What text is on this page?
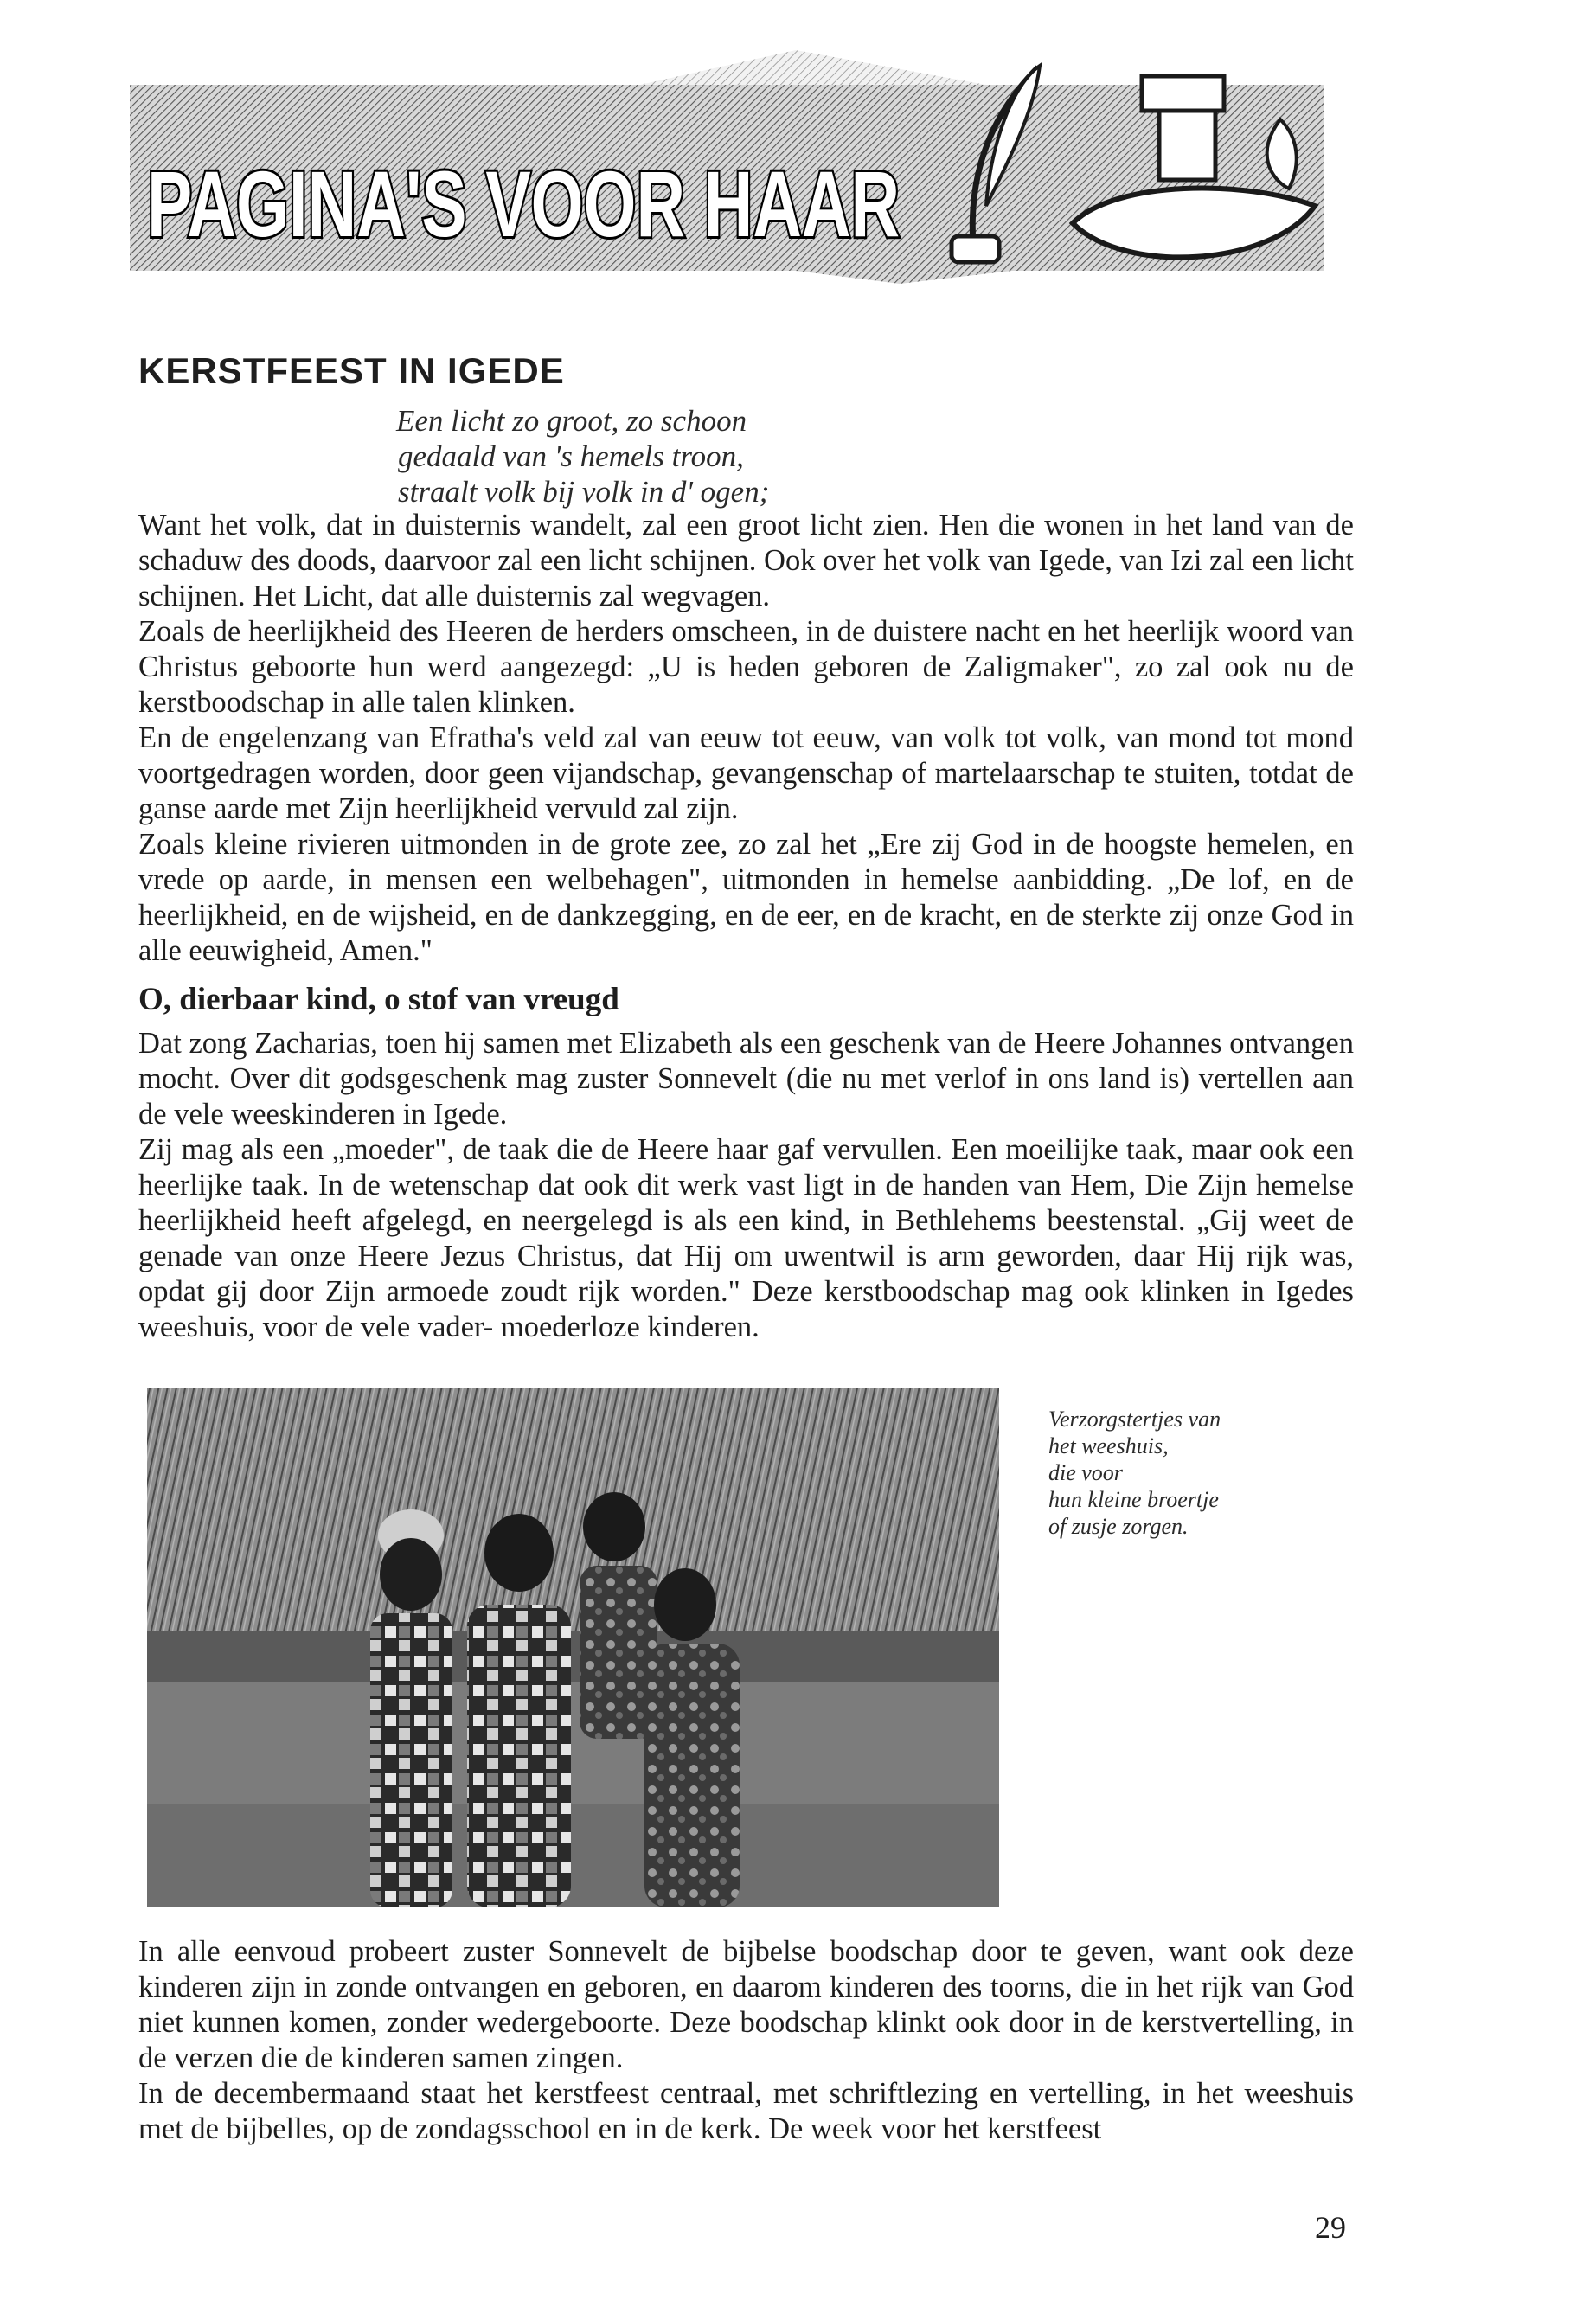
PAGINA'S VOOR HAAR
KERSTFEEST IN IGEDE
Een licht zo groot, zo schoon
gedaald van 's hemels troon,
straalt volk bij volk in d' ogen;

Want het volk, dat in duisternis wandelt, zal een groot licht zien. Hen die wonen in het land van de schaduw des doods, daarvoor zal een licht schijnen. Ook over het volk van Igede, van Izi zal een licht schijnen. Het Licht, dat alle duisternis zal wegvagen.

Zoals de heerlijkheid des Heeren de herders omscheen, in de duistere nacht en het heerlijk woord van Christus geboorte hun werd aangezegd: „U is heden geboren de Zaligmaker", zo zal ook nu de kerstboodschap in alle talen klinken.

En de engelenzang van Efratha's veld zal van eeuw tot eeuw, van volk tot volk, van mond tot mond voortgedragen worden, door geen vijandschap, gevangenschap of martelaarschap te stuiten, totdat de ganse aarde met Zijn heerlijkheid vervuld zal zijn.

Zoals kleine rivieren uitmonden in de grote zee, zo zal het „Ere zij God in de hoogste hemelen, en vrede op aarde, in mensen een welbehagen", uitmonden in hemelse aanbidding. „De lof, en de heerlijkheid, en de wijsheid, en de dankzegging, en de eer, en de kracht, en de sterkte zij onze God in alle eeuwigheid, Amen."

O, dierbaar kind, o stof van vreugd

Dat zong Zacharias, toen hij samen met Elizabeth als een geschenk van de Heere Johannes ontvangen mocht. Over dit godsgeschenk mag zuster Sonnevelt (die nu met verlof in ons land is) vertellen aan de vele weeskinderen in Igede.

Zij mag als een „moeder", de taak die de Heere haar gaf vervullen. Een moeilijke taak, maar ook een heerlijke taak. In de wetenschap dat ook dit werk vast ligt in de handen van Hem, Die Zijn hemelse heerlijkheid heeft afgelegd, en neergelegd is als een kind, in Bethlehems beestenstal. „Gij weet de genade van onze Heere Jezus Christus, dat Hij om uwentwil is arm geworden, daar Hij rijk was, opdat gij door Zijn armoede zoudt rijk worden." Deze kerstboodschap mag ook klinken in Igedes weeshuis, voor de vele vader- moederloze kinderen.

Verzorgstertjes van
het weeshuis,
die voor
hun kleine broertje
of zusje zorgen.

In alle eenvoud probeert zuster Sonnevelt de bijbelse boodschap door te geven, want ook deze kinderen zijn in zonde ontvangen en geboren, en daarom kinderen des toorns, die in het rijk van God niet kunnen komen, zonder wedergeboorte. Deze boodschap klinkt ook door in de kerstvertelling, in de verzen die de kinderen samen zingen.

In de decembermaand staat het kerstfeest centraal, met schriftlezing en vertelling, in het weeshuis met de bijbelles, op de zondagsschool en in de kerk. De week voor het kerstfeest

29
